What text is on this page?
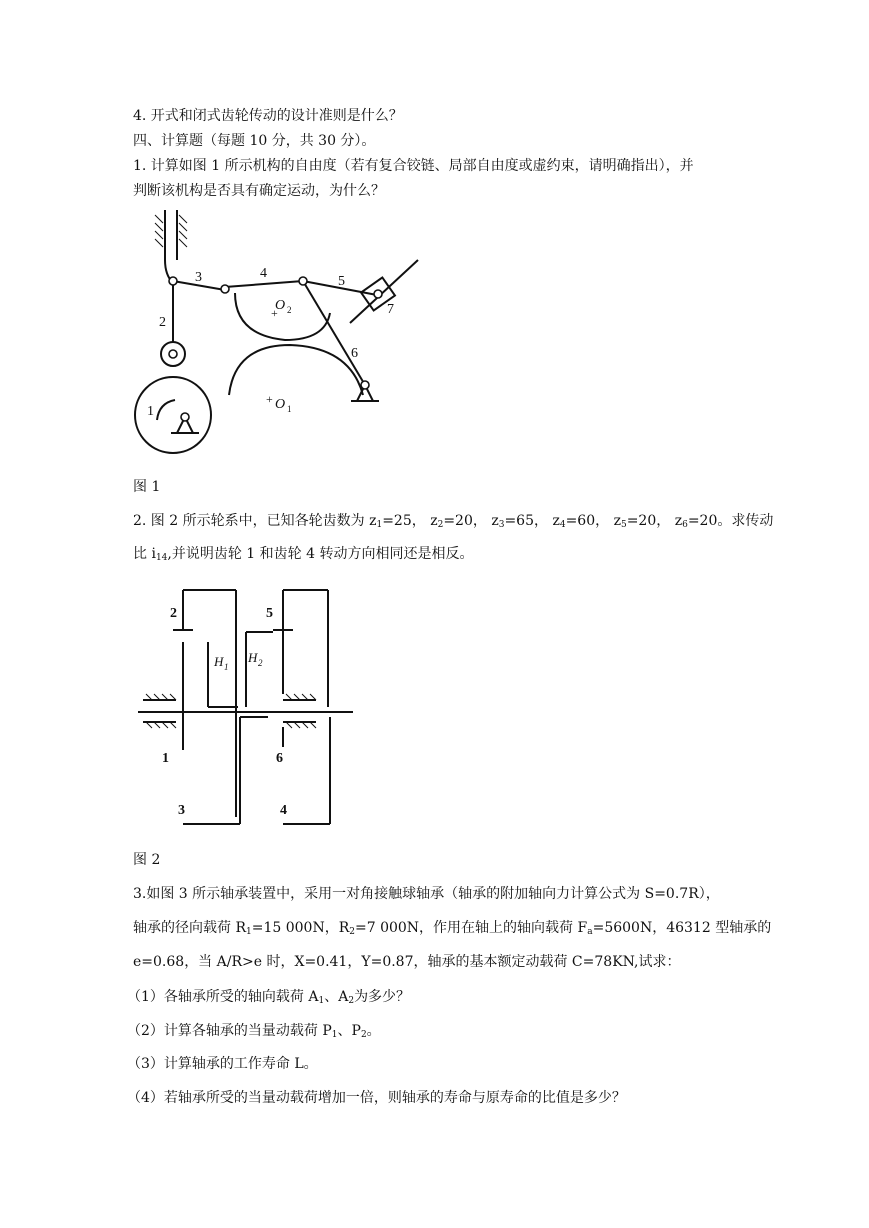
4. 开式和闭式齿轮传动的设计准则是什么？
四、计算题（每题 10 分，共 30 分）。
1. 计算如图 1 所示机构的自由度（若有复合铰链、局部自由度或虚约束，请明确指出），并
判断该机构是否具有确定运动，为什么？
1
2
3	4
5
6
7
+
O 2
+ O 1
图 1
2. 图 2 所示轮系中，已知各轮齿数为 $z_1=25$， $z_2=20$， $z_3=65$， $z_4=60$， $z_5=20$， $z_6=20$。求传动
比 $i_{14}$,并说明齿轮 1 和齿轮 4 转动方向相同还是相反。
2	5
1	6
3	4
H 1
H 2
图 2
3.如图 3 所示轴承装置中，采用一对角接触球轴承（轴承的附加轴向力计算公式为 S=0.7R），
轴承的径向载荷 $R_1=15$ 000N，$R_2=7$ 000N，作用在轴上的轴向载荷 $F_a=5600N$，46312 型轴承的
e=0.68，当 A/R>e 时，X=0.41，Y=0.87，轴承的基本额定动载荷 C=78KN,试求：
（1）各轴承所受的轴向载荷 $A_1$、$A_2$为多少？
（2）计算各轴承的当量动载荷 $P_1$、$P_2$。
（3）计算轴承的工作寿命 L。
（4）若轴承所受的当量动载荷增加一倍，则轴承的寿命与原寿命的比值是多少？
